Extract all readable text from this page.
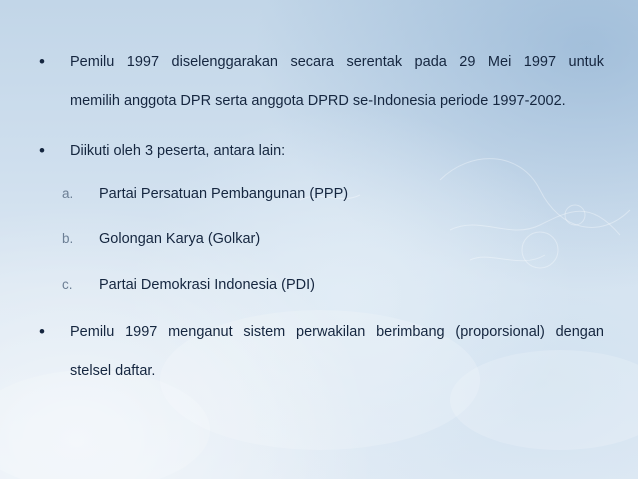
•	Pemilu 1997 diselenggarakan secara serentak pada 29 Mei 1997 untuk
memilih anggota DPR serta anggota DPRD se-Indonesia periode 1997-2002.
•	Diikuti oleh 3 peserta, antara lain:
a. Partai Persatuan Pembangunan (PPP)
b. Golongan Karya (Golkar)
c. Partai Demokrasi Indonesia (PDI)
•	Pemilu 1997 menganut sistem perwakilan berimbang (proporsional) dengan
stelsel daftar.
